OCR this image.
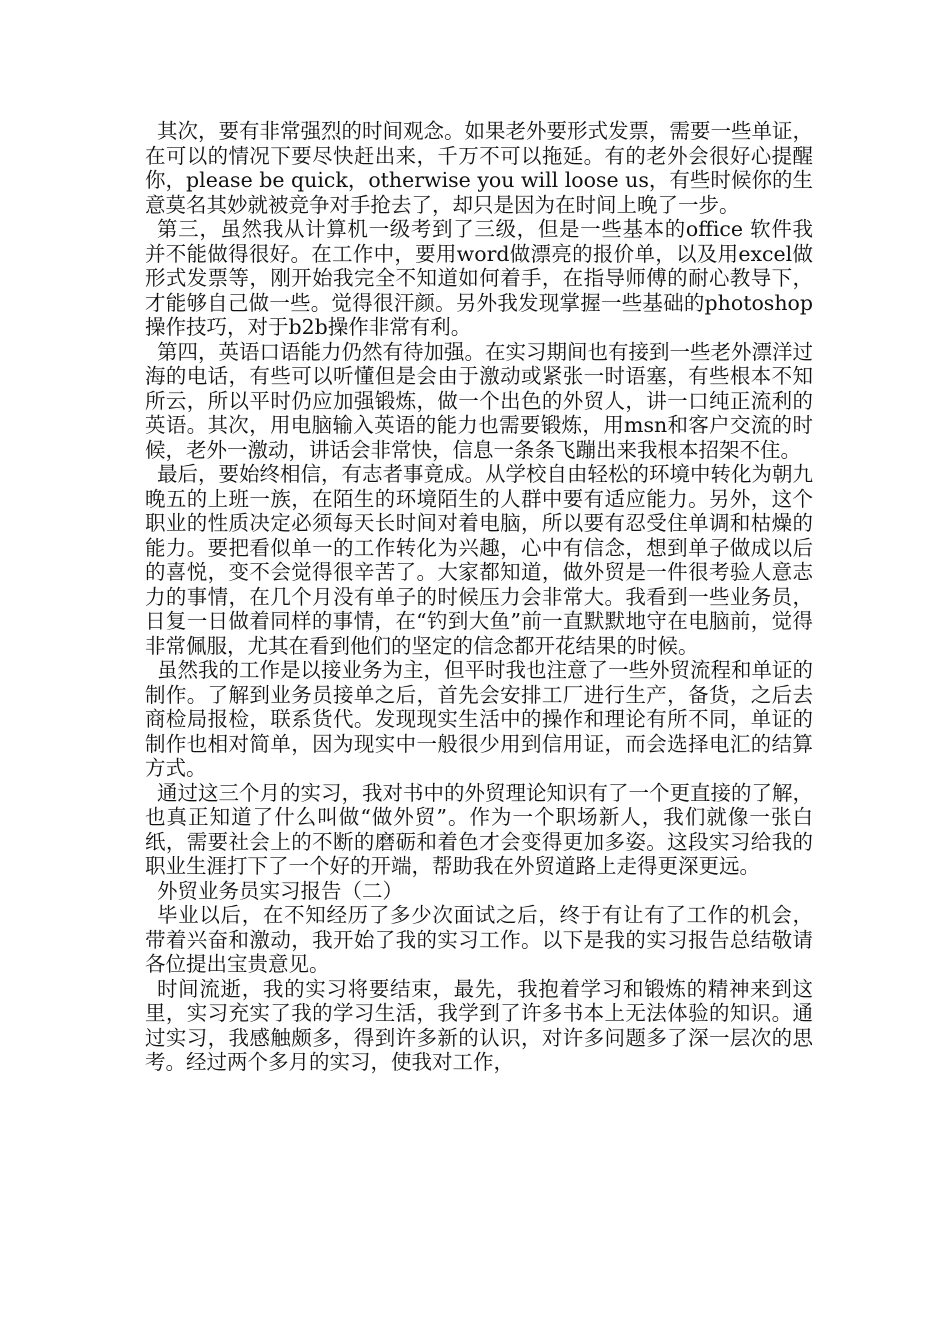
其次，要有非常强烈的时间观念。如果老外要形式发票，需要一些单证，在可以的情况下要尽快赶出来，千万不可以拖延。有的老外会很好心提醒你，please be quick，otherwise you will loose us，有些时候你的生意莫名其妙就被竞争对手抢去了，却只是因为在时间上晚了一步。

第三，虽然我从计算机一级考到了三级，但是一些基本的office 软件我并不能做得很好。在工作中，要用word做漂亮的报价单，以及用excel做形式发票等，刚开始我完全不知道如何着手，在指导师傅的耐心教导下，才能够自己做一些。觉得很汗颜。另外我发现掌握一些基础的photoshop 操作技巧，对于b2b操作非常有利。

第四，英语口语能力仍然有待加强。在实习期间也有接到一些老外漂洋过海的电话，有些可以听懂但是会由于激动或紧张一时语塞，有些根本不知所云，所以平时仍应加强锻炼，做一个出色的外贸人，讲一口纯正流利的英语。其次，用电脑输入英语的能力也需要锻炼，用msn和客户交流的时候，老外一激动，讲话会非常快，信息一条条飞蹦出来我根本招架不住。

最后，要始终相信，有志者事竟成。从学校自由轻松的环境中转化为朝九晚五的上班一族，在陌生的环境陌生的人群中要有适应能力。另外，这个职业的性质决定必须每天长时间对着电脑，所以要有忍受住单调和枯燥的能力。要把看似单一的工作转化为兴趣，心中有信念，想到单子做成以后的喜悦，变不会觉得很辛苦了。大家都知道，做外贸是一件很考验人意志力的事情，在几个月没有单子的时候压力会非常大。我看到一些业务员，日复一日做着同样的事情，在“钓到大鱼”前一直默默地守在电脑前，觉得非常佩服，尤其在看到他们的坚定的信念都开花结果的时候。

虽然我的工作是以接业务为主，但平时我也注意了一些外贸流程和单证的制作。了解到业务员接单之后，首先会安排工厂进行生产，备货，之后去商检局报检，联系货代。发现现实生活中的操作和理论有所不同，单证的制作也相对简单，因为现实中一般很少用到信用证，而会选择电汇的结算方式。

通过这三个月的实习，我对书中的外贸理论知识有了一个更直接的了解，也真正知道了什么叫做“做外贸”。作为一个职场新人，我们就像一张白纸，需要社会上的不断的磨砺和着色才会变得更加多姿。这段实习给我的职业生涯打下了一个好的开端，帮助我在外贸道路上走得更深更远。

外贸业务员实习报告（二）

毕业以后，在不知经历了多少次面试之后，终于有让有了工作的机会， 带着兴奋和激动，我开始了我的实习工作。以下是我的实习报告总结敬请各位提出宝贵意见。

时间流逝，我的实习将要结束，最先，我抱着学习和锻炼的精神来到这里，实习充实了我的学习生活，我学到了许多书本上无法体验的知识。通过实习，我感触颇多，得到许多新的认识，对许多问题多了深一层次的思考。经过两个多月的实习，使我对工作，
